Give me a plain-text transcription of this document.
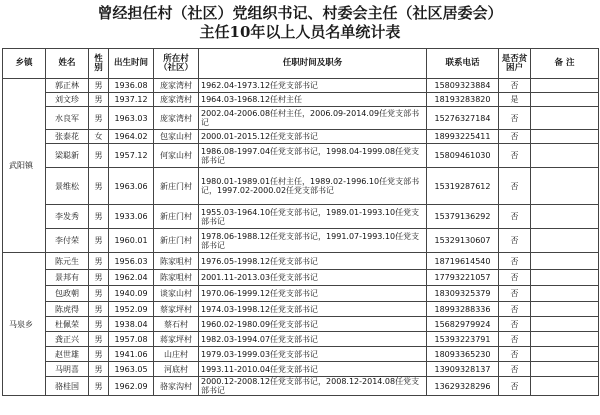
曾经担任村（社区）党组织书记、村委会主任（社区居委会）
主任10年以上人员名单统计表
乡镇	姓名	性别	出生时间	所在村（社区）	任职时间及职务	联系电话	是否贫困户	备 注
武阳镇	郭正林	男	1936.08	庞家湾村	1962.04-1973.12任党支部书记	15809323884	否	
	刘文珍	男	1937.12	庞家湾村	1964.03-1968.12任村主任	18193283820	是	
	水良军	男	1963.03	庞家湾村	2002.04-2006.08任村主任，2006.09-2014.09任党支部书记	15276327184	否	
	张泰花	女	1964.02	包家山村	2000.01-2015.12任党支部书记	18993225411	否	
	梁聪新	男	1957.12	何家山村	1986.08-1997.04任党支部书记，1998.04-1999.08任党支部书记	15809461030	否	
	景维松	男	1963.06	新庄门村	1980.01-1989.01任村主任，1989.02-1996.10任党支部书记，1997.02-2000.02任党支部书记	15319287612	否	
	李发秀	男	1933.06	新庄门村	1955.03-1964.10任党支部书记，1989.01-1993.10任党支部书记	15379136292	否	
	李付荣	男	1960.01	新庄门村	1978.06-1988.12任党支部书记，1991.07-1993.10任党支部书记	15329130607	否	
马泉乡	陈元生	男	1956.03	陈家咀村	1976.05-1998.12任党支部书记	18719614540	否	
	景邦有	男	1962.04	陈家咀村	2001.11-2013.03任党支部书记	17793221057	否	
	包政朝	男	1940.09	谈家山村	1970.06-1999.12任党支部书记	18309325379	否	
	陈虎得	男	1952.09	蔡家坪村	1974.03-1998.12任党支部书记	18993288336	否	
	杜佩荣	男	1938.04	蔡石村	1960.02-1980.09任党支部书记	15682979924	否	
	龚正兴	男	1957.08	蒋家坪村	1982.03-1994.07任党支部书记	15393223791	否	
	赵世雄	男	1941.06	山庄村	1979.03-1999.03任党支部书记	18093365230	否	
	马明喜	男	1963.05	河底村	1993.11-2010.04任党支部书记	13909328137	否	
	骆桂国	男	1962.09	骆家沟村	2000.12-2008.12任党支部书记，2008.12-2014.08任党支部书记	13629328296	否	
